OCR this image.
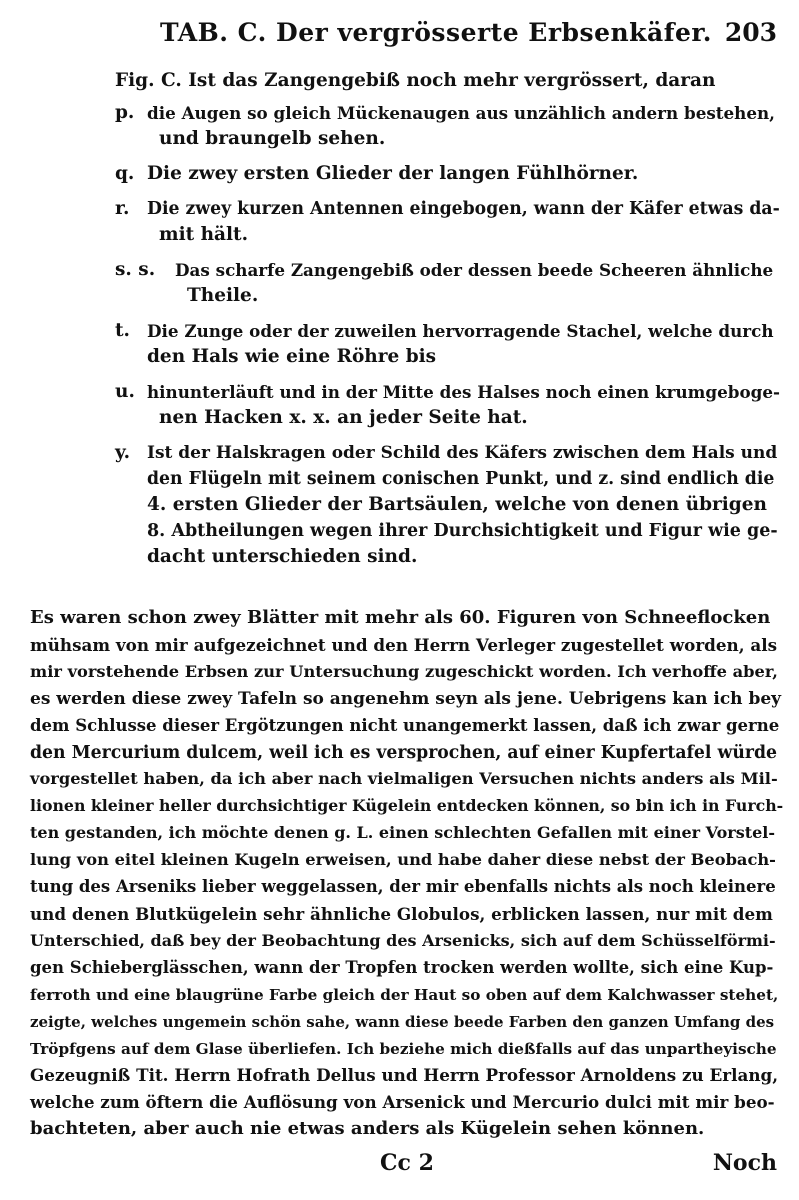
TAB. C. Der vergrösserte Erbsenkäfer. 203
Fig. C. Ist das Zangengebiß noch mehr vergrössert, daran
p. die Augen so gleich Mückenaugen aus unzählich andern bestehen,
und braungelb sehen.
q. Die zwey ersten Glieder der langen Fühlhörner.
r.	Die zwey kurzen Antennen eingebogen, wann der Käfer etwas da-
mit hält.
s. s.	Das scharfe Zangengebiß oder dessen beede Scheeren ähnliche
Theile.
t.	Die Zunge oder der zuweilen hervorragende Stachel, welche durch
den Hals wie eine Röhre bis
u. hinunterläuft und in der Mitte des Halses noch einen krumgeboge-
nen Hacken x. x. an jeder Seite hat.
y. Ist der Halskragen oder Schild des Käfers zwischen dem Hals und
den Flügeln mit seinem conischen Punkt, und z. sind endlich die
4. ersten Glieder der Bartsäulen, welche von denen übrigen
8. Abtheilungen wegen ihrer Durchsichtigkeit und Figur wie ge-
dacht unterschieden sind.
Es waren schon zwey Blätter mit mehr als 60. Figuren von Schneeflocken
mühsam von mir aufgezeichnet und den Herrn Verleger zugestellet worden, als
mir vorstehende Erbsen zur Untersuchung zugeschickt worden. Ich verhoffe aber,
es werden diese zwey Tafeln so angenehm seyn als jene. Uebrigens kan ich bey
dem Schlusse dieser Ergötzungen nicht unangemerkt lassen, daß ich zwar gerne
den Mercurium dulcem, weil ich es versprochen, auf einer Kupfertafel würde
vorgestellet haben, da ich aber nach vielmaligen Versuchen nichts anders als Mil-
lionen kleiner heller durchsichtiger Kügelein entdecken können, so bin ich in Furch-
ten gestanden, ich möchte denen g. L. einen schlechten Gefallen mit einer Vorstel-
lung von eitel kleinen Kugeln erweisen, und habe daher diese nebst der Beobach-
tung des Arseniks lieber weggelassen, der mir ebenfalls nichts als noch kleinere
und denen Blutkügelein sehr ähnliche Globulos, erblicken lassen, nur mit dem
Unterschied, daß bey der Beobachtung des Arsenicks, sich auf dem Schüsselförmi-
gen Schieberglässchen, wann der Tropfen trocken werden wollte, sich eine Kup-
ferroth und eine blaugrüne Farbe gleich der Haut so oben auf dem Kalchwasser stehet,
zeigte, welches ungemein schön sahe, wann diese beede Farben den ganzen Umfang des
Tröpfgens auf dem Glase überliefen. Ich beziehe mich dießfalls auf das unpartheyische
Gezeugniß Tit. Herrn Hofrath Dellus und Herrn Professor Arnoldens zu Erlang,
welche zum öftern die Auflösung von Arsenick und Mercurio dulci mit mir beo-
bachteten, aber auch nie etwas anders als Kügelein sehen können.
Cc 2	Noch
